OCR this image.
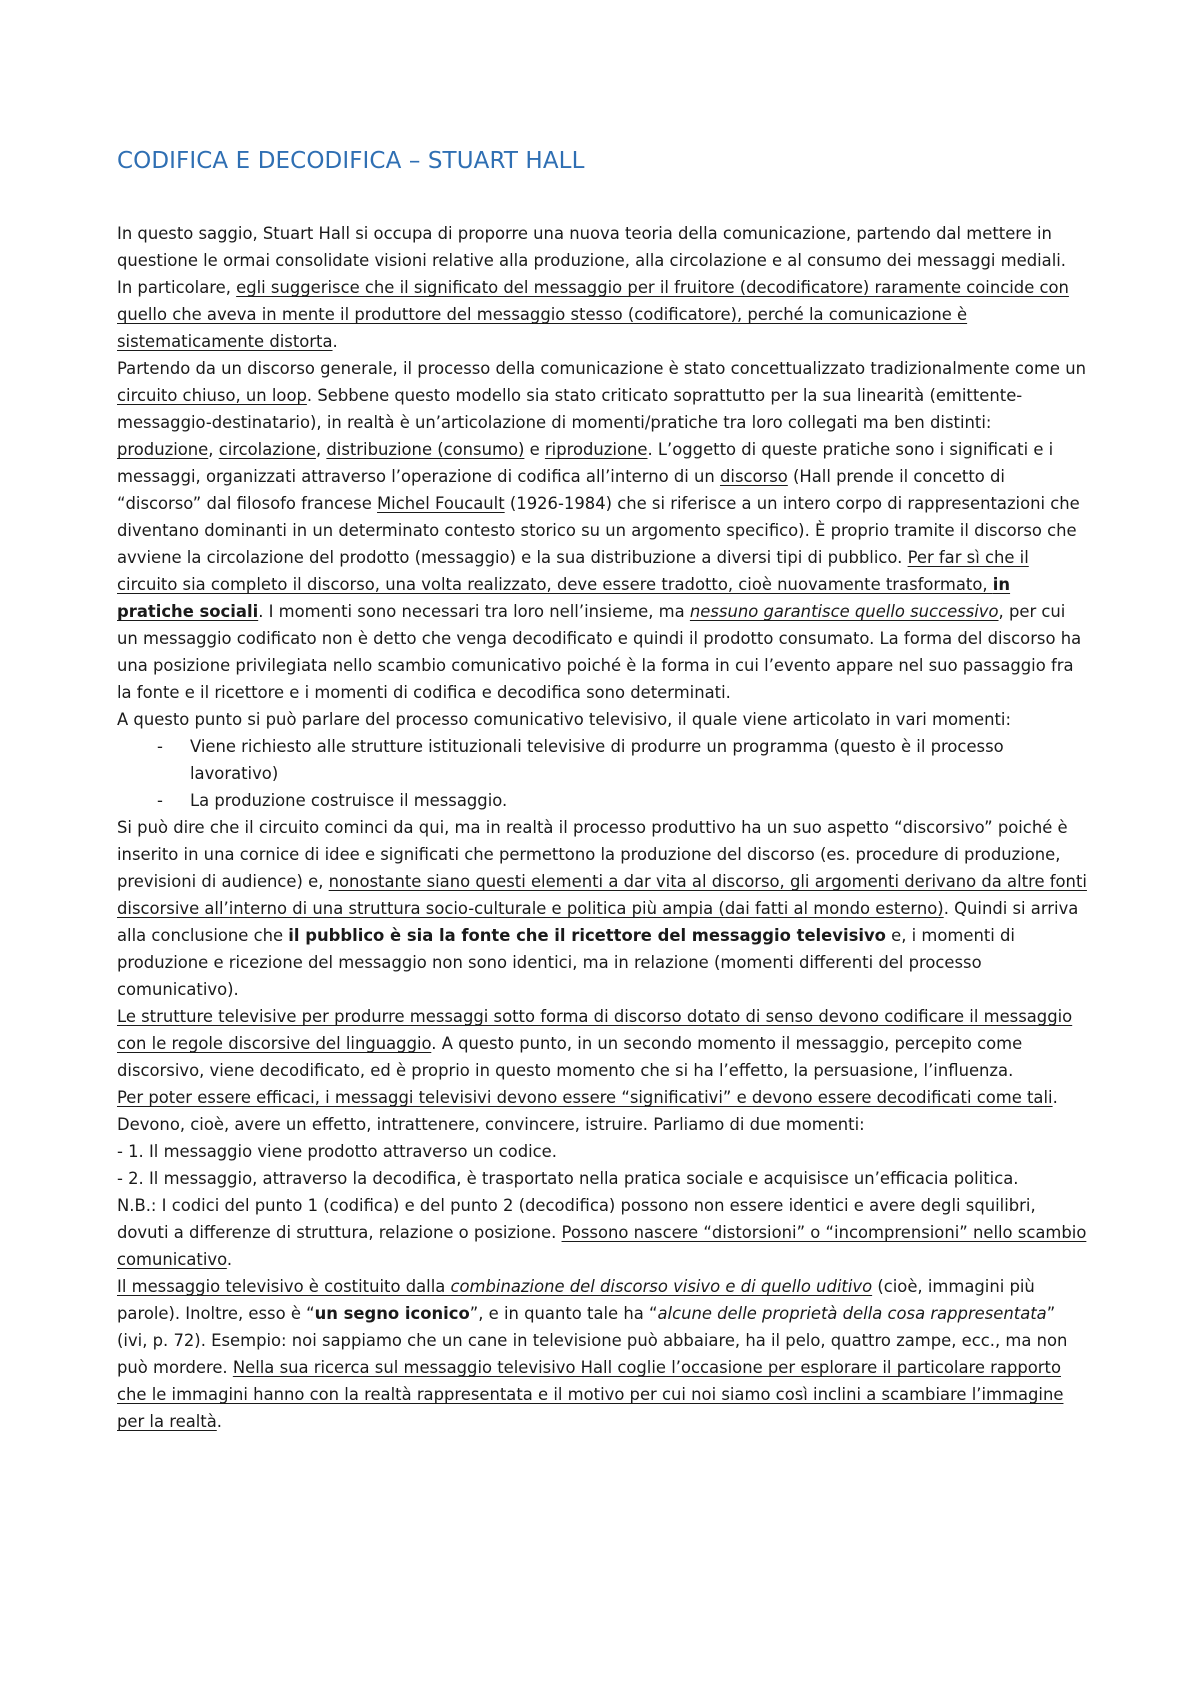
CODIFICA E DECODIFICA – STUART HALL

In questo saggio, Stuart Hall si occupa di proporre una nuova teoria della comunicazione, partendo dal mettere in questione le ormai consolidate visioni relative alla produzione, alla circolazione e al consumo dei messaggi mediali.

In particolare, egli suggerisce che il significato del messaggio per il fruitore (decodificatore) raramente coincide con quello che aveva in mente il produttore del messaggio stesso (codificatore), perché la comunicazione è sistematicamente distorta.

Partendo da un discorso generale, il processo della comunicazione è stato concettualizzato tradizionalmente come un circuito chiuso, un loop. Sebbene questo modello sia stato criticato soprattutto per la sua linearità (emittente-messaggio-destinatario), in realtà è un’articolazione di momenti/pratiche tra loro collegati ma ben distinti: produzione, circolazione, distribuzione (consumo) e riproduzione. L’oggetto di queste pratiche sono i significati e i messaggi, organizzati attraverso l’operazione di codifica all’interno di un discorso (Hall prende il concetto di “discorso” dal filosofo francese Michel Foucault (1926-1984) che si riferisce a un intero corpo di rappresentazioni che diventano dominanti in un determinato contesto storico su un argomento specifico). È proprio tramite il discorso che avviene la circolazione del prodotto (messaggio) e la sua distribuzione a diversi tipi di pubblico. Per far sì che il circuito sia completo il discorso, una volta realizzato, deve essere tradotto, cioè nuovamente trasformato, in pratiche sociali. I momenti sono necessari tra loro nell’insieme, ma nessuno garantisce quello successivo, per cui un messaggio codificato non è detto che venga decodificato e quindi il prodotto consumato. La forma del discorso ha una posizione privilegiata nello scambio comunicativo poiché è la forma in cui l’evento appare nel suo passaggio fra la fonte e il ricettore e i momenti di codifica e decodifica sono determinati.

A questo punto si può parlare del processo comunicativo televisivo, il quale viene articolato in vari momenti:

- Viene richiesto alle strutture istituzionali televisive di produrre un programma (questo è il processo lavorativo)
- La produzione costruisce il messaggio.

Si può dire che il circuito cominci da qui, ma in realtà il processo produttivo ha un suo aspetto “discorsivo” poiché è inserito in una cornice di idee e significati che permettono la produzione del discorso (es. procedure di produzione, previsioni di audience) e, nonostante siano questi elementi a dar vita al discorso, gli argomenti derivano da altre fonti discorsive all’interno di una struttura socio-culturale e politica più ampia (dai fatti al mondo esterno). Quindi si arriva alla conclusione che il pubblico è sia la fonte che il ricettore del messaggio televisivo e, i momenti di produzione e ricezione del messaggio non sono identici, ma in relazione (momenti differenti del processo comunicativo).

Le strutture televisive per produrre messaggi sotto forma di discorso dotato di senso devono codificare il messaggio con le regole discorsive del linguaggio. A questo punto, in un secondo momento il messaggio, percepito come discorsivo, viene decodificato, ed è proprio in questo momento che si ha l’effetto, la persuasione, l’influenza.

Per poter essere efficaci, i messaggi televisivi devono essere “significativi” e devono essere decodificati come tali. Devono, cioè, avere un effetto, intrattenere, convincere, istruire. Parliamo di due momenti:

- 1. Il messaggio viene prodotto attraverso un codice.

- 2. Il messaggio, attraverso la decodifica, è trasportato nella pratica sociale e acquisisce un’efficacia politica.

N.B.: I codici del punto 1 (codifica) e del punto 2 (decodifica) possono non essere identici e avere degli squilibri, dovuti a differenze di struttura, relazione o posizione. Possono nascere “distorsioni” o “incomprensioni” nello scambio comunicativo.

Il messaggio televisivo è costituito dalla combinazione del discorso visivo e di quello uditivo (cioè, immagini più parole). Inoltre, esso è “un segno iconico”, e in quanto tale ha “alcune delle proprietà della cosa rappresentata” (ivi, p. 72). Esempio: noi sappiamo che un cane in televisione può abbaiare, ha il pelo, quattro zampe, ecc., ma non può mordere. Nella sua ricerca sul messaggio televisivo Hall coglie l’occasione per esplorare il particolare rapporto che le immagini hanno con la realtà rappresentata e il motivo per cui noi siamo così inclini a scambiare l’immagine per la realtà.
